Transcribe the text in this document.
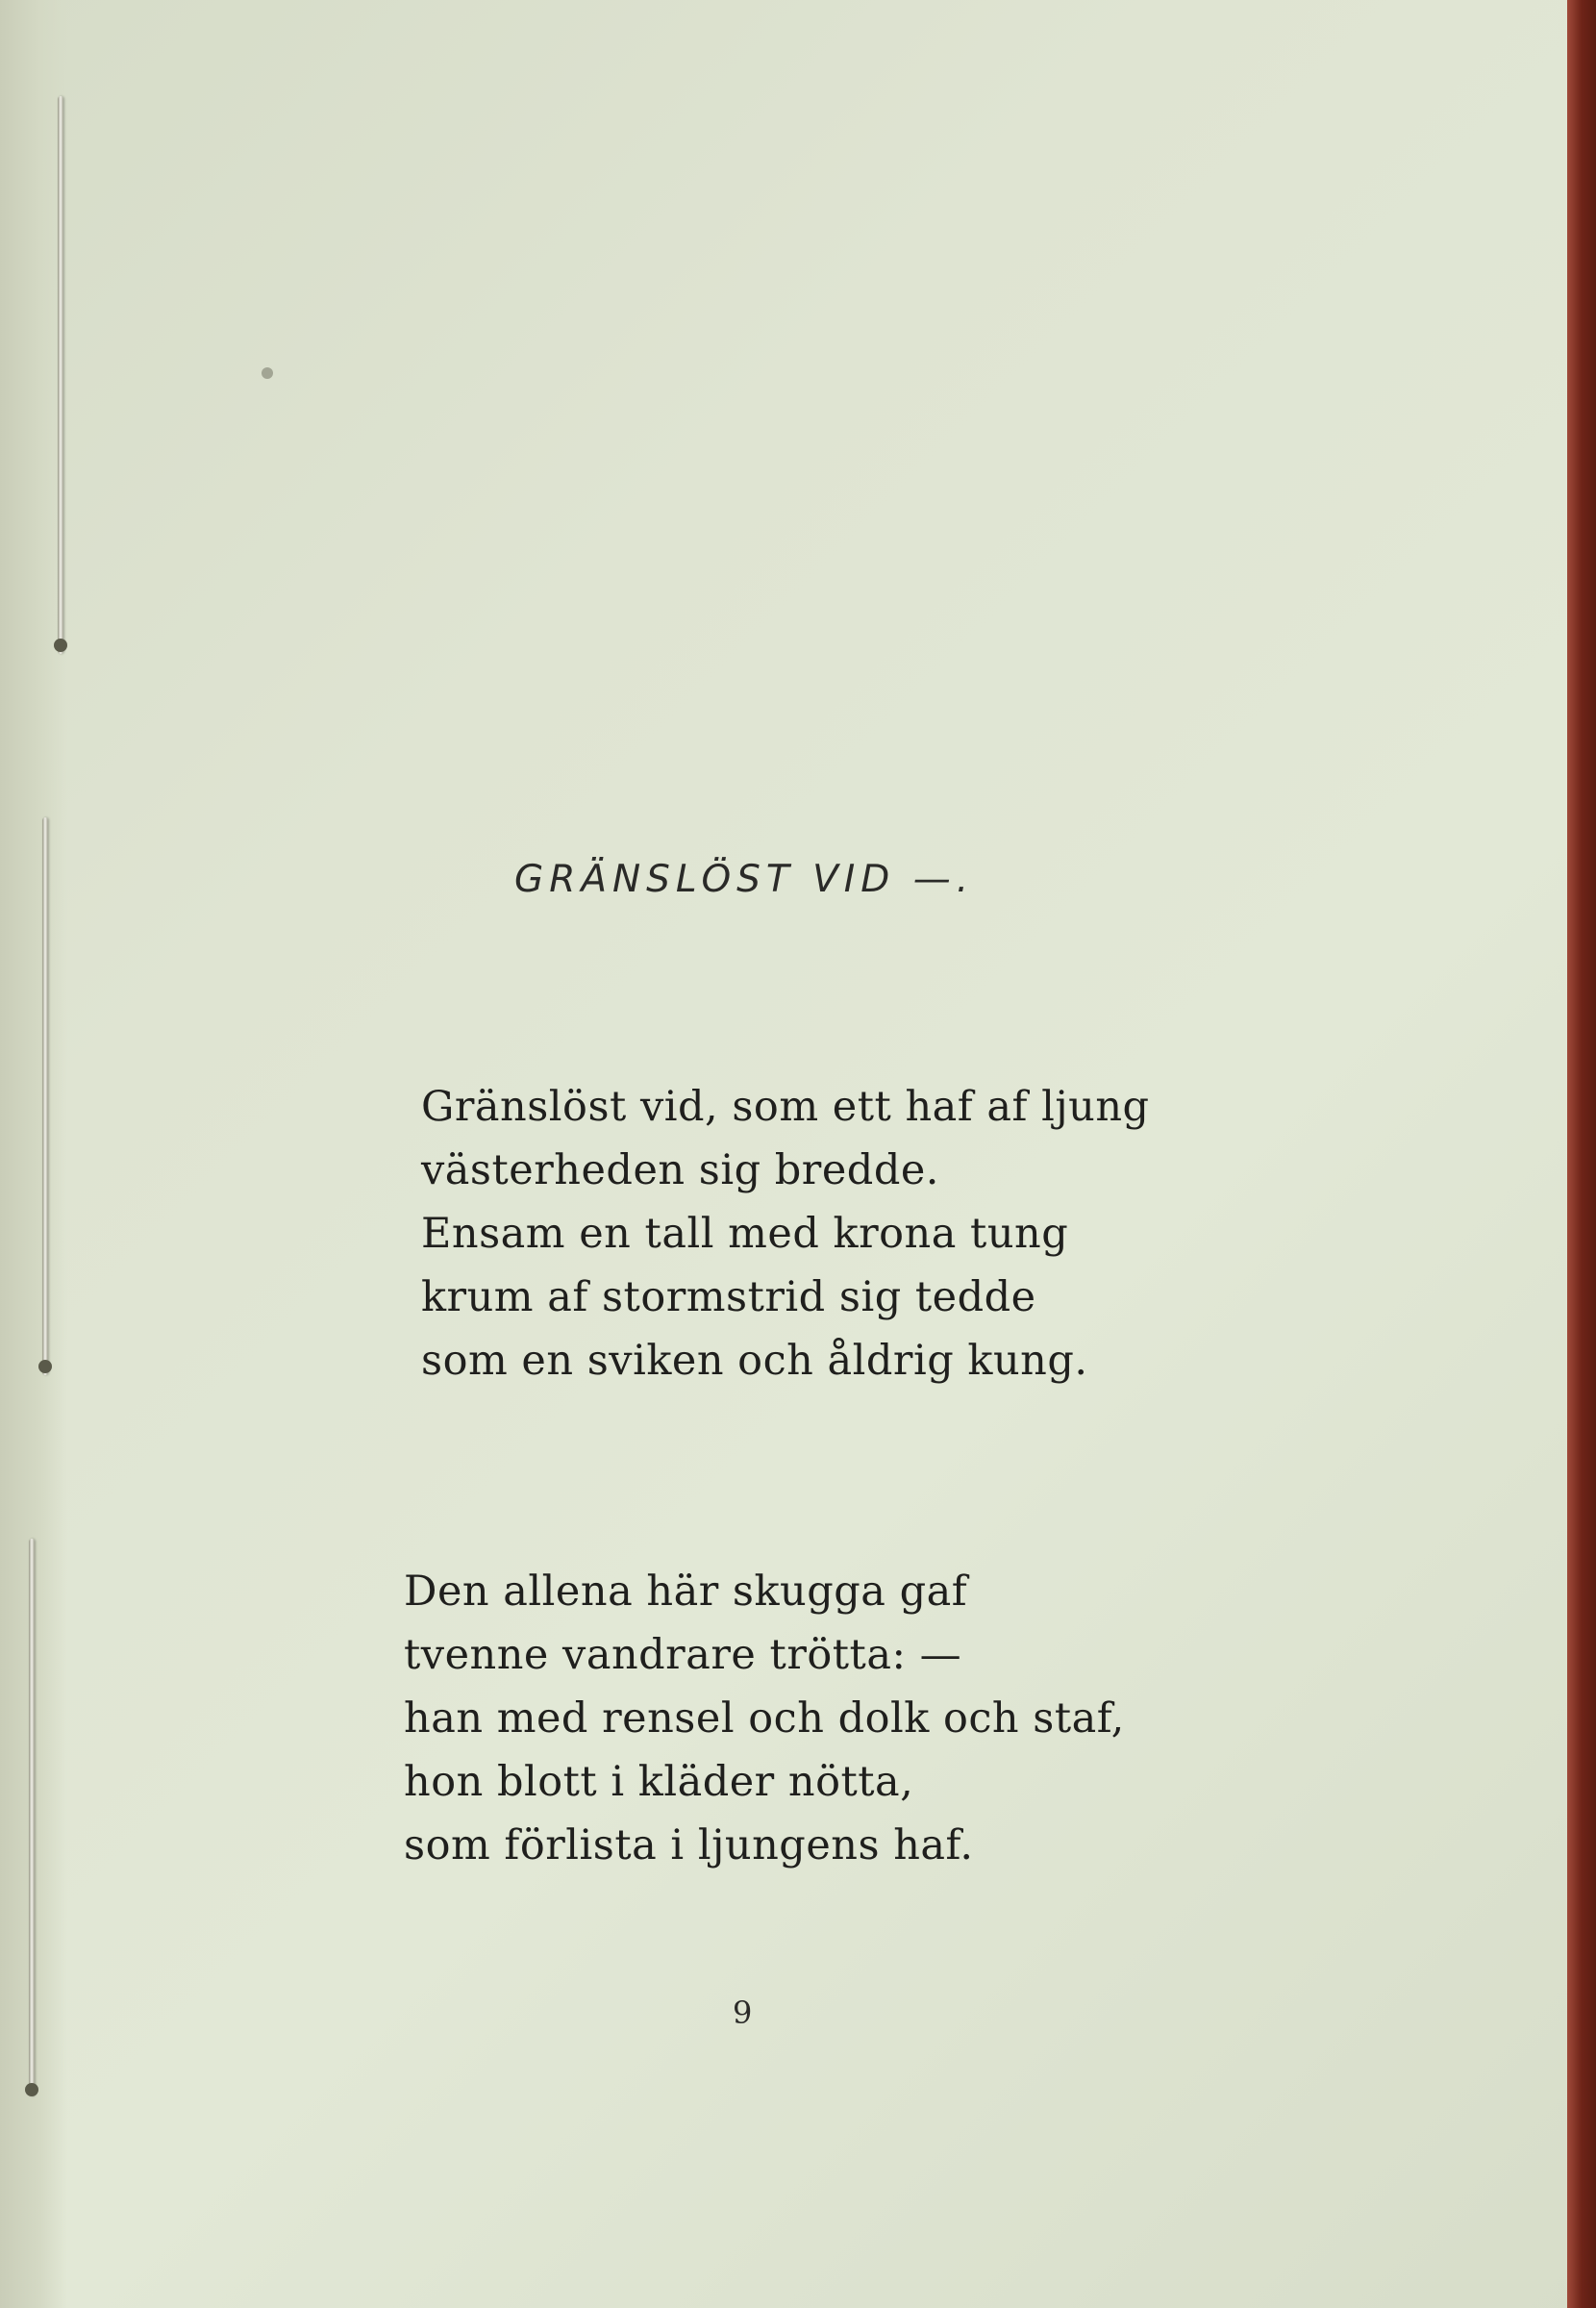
GRÄNSLÖST VID —.
Gränslöst vid, som ett haf af ljung
västerheden sig bredde.
Ensam en tall med krona tung
krum af stormstrid sig tedde
som en sviken och åldrig kung.
Den allena här skugga gaf
tvenne vandrare trötta: —
han med rensel och dolk och staf,
hon blott i kläder nötta,
som förlista i ljungens haf.
9
